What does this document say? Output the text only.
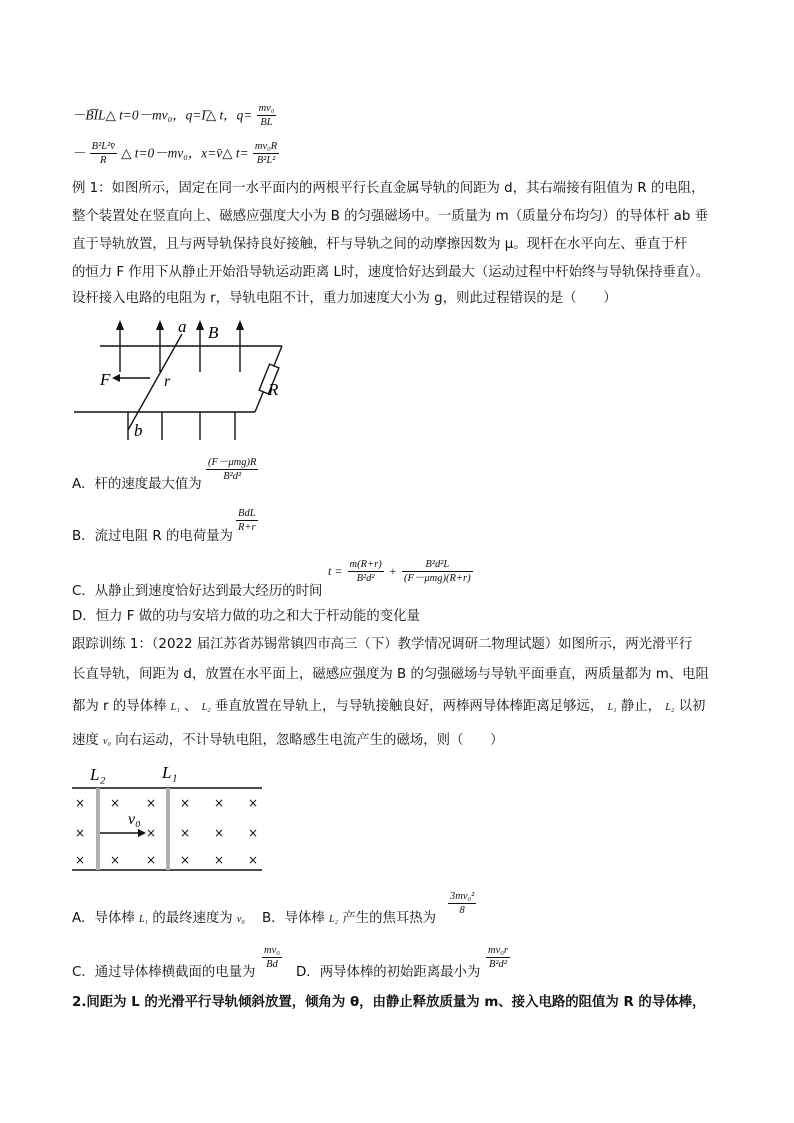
－B͞IL△ t=0－mv₀，q=͞I△ t，$q= \frac{\text{mv₀}}{BL}$
－ $\frac{\text{B²L²v̄}}{R}$ △ t=0－mv₀，x=v̄△ $t= \frac{\text{mv₀R}}{\text{B²L²}}$
例 1：如图所示，固定在同一水平面内的两根平行长直金属导轨的间距为 d，其右端接有阻值为 R 的电阻，
整个装置处在竖直向上、磁感应强度大小为 B 的匀强磁场中。一质量为 m（质量分布均匀）的导体杆 ab 垂
直于导轨放置，且与两导轨保持良好接触，杆与导轨之间的动摩擦因数为 μ。现杆在水平向左、垂直于杆
的恒力 F 作用下从静止开始沿导轨运动距离 L时，速度恰好达到最大（运动过程中杆始终与导轨保持垂直）。
设杆接入电路的电阻为 r，导轨电阻不计，重力加速度大小为 g，则此过程错误的是（　　）
a B
F	r	R
b
A．杆的速度最大值为
$\frac{\text{(F－μmg)R}}{\text{B²d²}}$
B．流过电阻 R 的电荷量为
$\frac{\text{BdL}}{R+r}$
C．从静止到速度恰好达到最大经历的时间
$t = \frac{m(R+r)}{\text{B²d²}} + \frac{\text{B²d²L}}{\text{(F－μmg)(R+r)}}$
D．恒力 F 做的功与安培力做的功之和大于杆动能的变化量
跟踪训练 1：（2022 届江苏省苏锡常镇四市高三（下）教学情况调研二物理试题）如图所示，两光滑平行
长直导轨，间距为 d，放置在水平面上，磁感应强度为 B 的匀强磁场与导轨平面垂直，两质量都为 m、电阻
都为 r 的导体棒 L₁ 、 L₂ 垂直放置在导轨上，与导轨接触良好，两棒两导体棒距离足够远， L₁ 静止， L₂ 以初
速度 v₀ 向右运动，不计导轨电阻，忽略感生电流产生的磁场，则（　　）
L₂	L₁
v₀
× × × × × ×
×	× × × ×
× × × × × ×
A．导体棒 L₁ 的最终速度为 v₀ B．导体棒 L₂ 产生的焦耳热为
$\frac{\text{3mv₀²}}{8}$
C．通过导体棒横截面的电量为
$\frac{\text{mv₀}}{Bd}$
D．两导体棒的初始距离最小为
$\frac{\text{mv₀r}}{\text{B²d²}}$
2.间距为 L 的光滑平行导轨倾斜放置，倾角为 θ，由静止释放质量为 m、接入电路的阻值为 R 的导体棒，
